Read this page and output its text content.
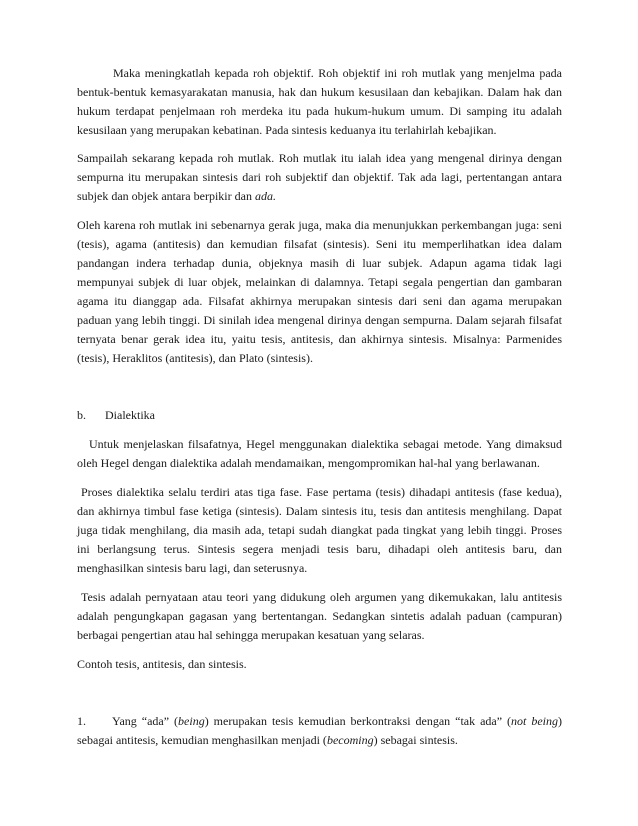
Maka meningkatlah kepada roh objektif. Roh objektif ini roh mutlak yang menjelma pada bentuk-bentuk kemasyarakatan manusia, hak dan hukum kesusilaan dan kebajikan. Dalam hak dan hukum terdapat penjelmaan roh merdeka itu pada hukum-hukum umum. Di samping itu adalah kesusilaan yang merupakan kebatinan. Pada sintesis keduanya itu terlahirlah kebajikan.

Sampailah sekarang kepada roh mutlak. Roh mutlak itu ialah idea yang mengenal dirinya dengan sempurna itu merupakan sintesis dari roh subjektif dan objektif. Tak ada lagi, pertentangan antara subjek dan objek antara berpikir dan ada.

Oleh karena roh mutlak ini sebenarnya gerak juga, maka dia menunjukkan perkembangan juga: seni (tesis), agama (antitesis) dan kemudian filsafat (sintesis). Seni itu memperlihatkan idea dalam pandangan indera terhadap dunia, objeknya masih di luar subjek. Adapun agama tidak lagi mempunyai subjek di luar objek, melainkan di dalamnya. Tetapi segala pengertian dan gambaran agama itu dianggap ada. Filsafat akhirnya merupakan sintesis dari seni dan agama merupakan paduan yang lebih tinggi. Di sinilah idea mengenal dirinya dengan sempurna. Dalam sejarah filsafat ternyata benar gerak idea itu, yaitu tesis, antitesis, dan akhirnya sintesis. Misalnya: Parmenides (tesis), Heraklitos (antitesis), dan Plato (sintesis).

b. Dialektika

Untuk menjelaskan filsafatnya, Hegel menggunakan dialektika sebagai metode. Yang dimaksud oleh Hegel dengan dialektika adalah mendamaikan, mengompromikan hal-hal yang berlawanan.

Proses dialektika selalu terdiri atas tiga fase. Fase pertama (tesis) dihadapi antitesis (fase kedua), dan akhirnya timbul fase ketiga (sintesis). Dalam sintesis itu, tesis dan antitesis menghilang. Dapat juga tidak menghilang, dia masih ada, tetapi sudah diangkat pada tingkat yang lebih tinggi. Proses ini berlangsung terus. Sintesis segera menjadi tesis baru, dihadapi oleh antitesis baru, dan menghasilkan sintesis baru lagi, dan seterusnya.

Tesis adalah pernyataan atau teori yang didukung oleh argumen yang dikemukakan, lalu antitesis adalah pengungkapan gagasan yang bertentangan. Sedangkan sintetis adalah paduan (campuran) berbagai pengertian atau hal sehingga merupakan kesatuan yang selaras.

Contoh tesis, antitesis, dan sintesis.

1. Yang “ada” (being) merupakan tesis kemudian berkontraksi dengan “tak ada” (not being) sebagai antitesis, kemudian menghasilkan menjadi (becoming) sebagai sintesis.
